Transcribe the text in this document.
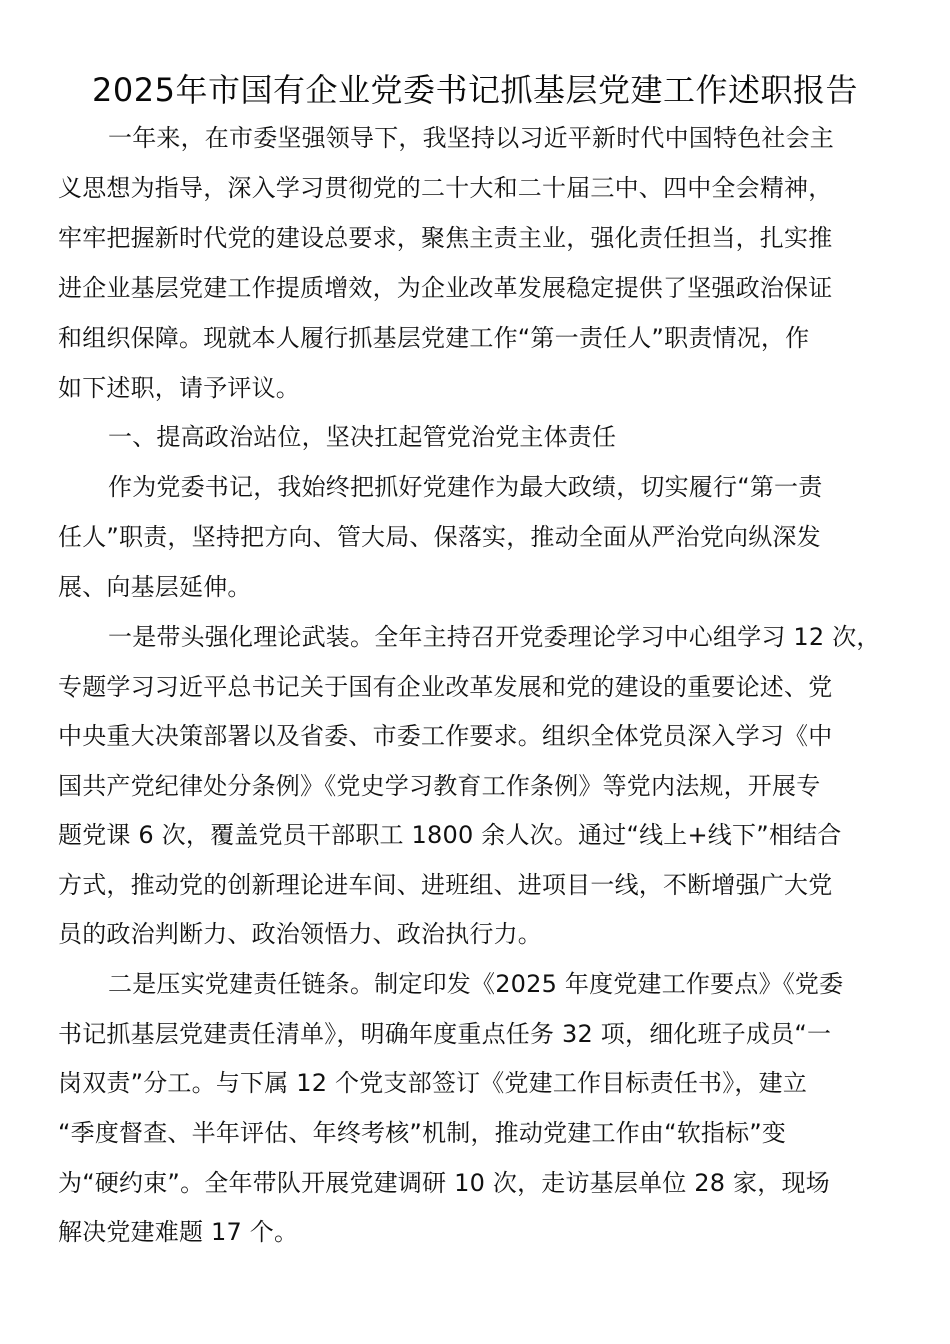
2025年市国有企业党委书记抓基层党建工作述职报告
一年来，在市委坚强领导下，我坚持以习近平新时代中国特色社会主
义思想为指导，深入学习贯彻党的二十大和二十届三中、四中全会精神，
牢牢把握新时代党的建设总要求，聚焦主责主业，强化责任担当，扎实推
进企业基层党建工作提质增效，为企业改革发展稳定提供了坚强政治保证
和组织保障。现就本人履行抓基层党建工作“第一责任人”职责情况，作
如下述职，请予评议。
一、提高政治站位，坚决扛起管党治党主体责任
作为党委书记，我始终把抓好党建作为最大政绩，切实履行“第一责
任人”职责，坚持把方向、管大局、保落实，推动全面从严治党向纵深发
展、向基层延伸。
一是带头强化理论武装。全年主持召开党委理论学习中心组学习 12 次，
专题学习习近平总书记关于国有企业改革发展和党的建设的重要论述、党
中央重大决策部署以及省委、市委工作要求。组织全体党员深入学习《中
国共产党纪律处分条例》《党史学习教育工作条例》等党内法规，开展专
题党课 6 次，覆盖党员干部职工 1800 余人次。通过“线上+线下”相结合
方式，推动党的创新理论进车间、进班组、进项目一线，不断增强广大党
员的政治判断力、政治领悟力、政治执行力。
二是压实党建责任链条。制定印发《2025 年度党建工作要点》《党委
书记抓基层党建责任清单》，明确年度重点任务 32 项，细化班子成员“一
岗双责”分工。与下属 12 个党支部签订《党建工作目标责任书》，建立
“季度督查、半年评估、年终考核”机制，推动党建工作由“软指标”变
为“硬约束”。全年带队开展党建调研 10 次，走访基层单位 28 家，现场
解决党建难题 17 个。
